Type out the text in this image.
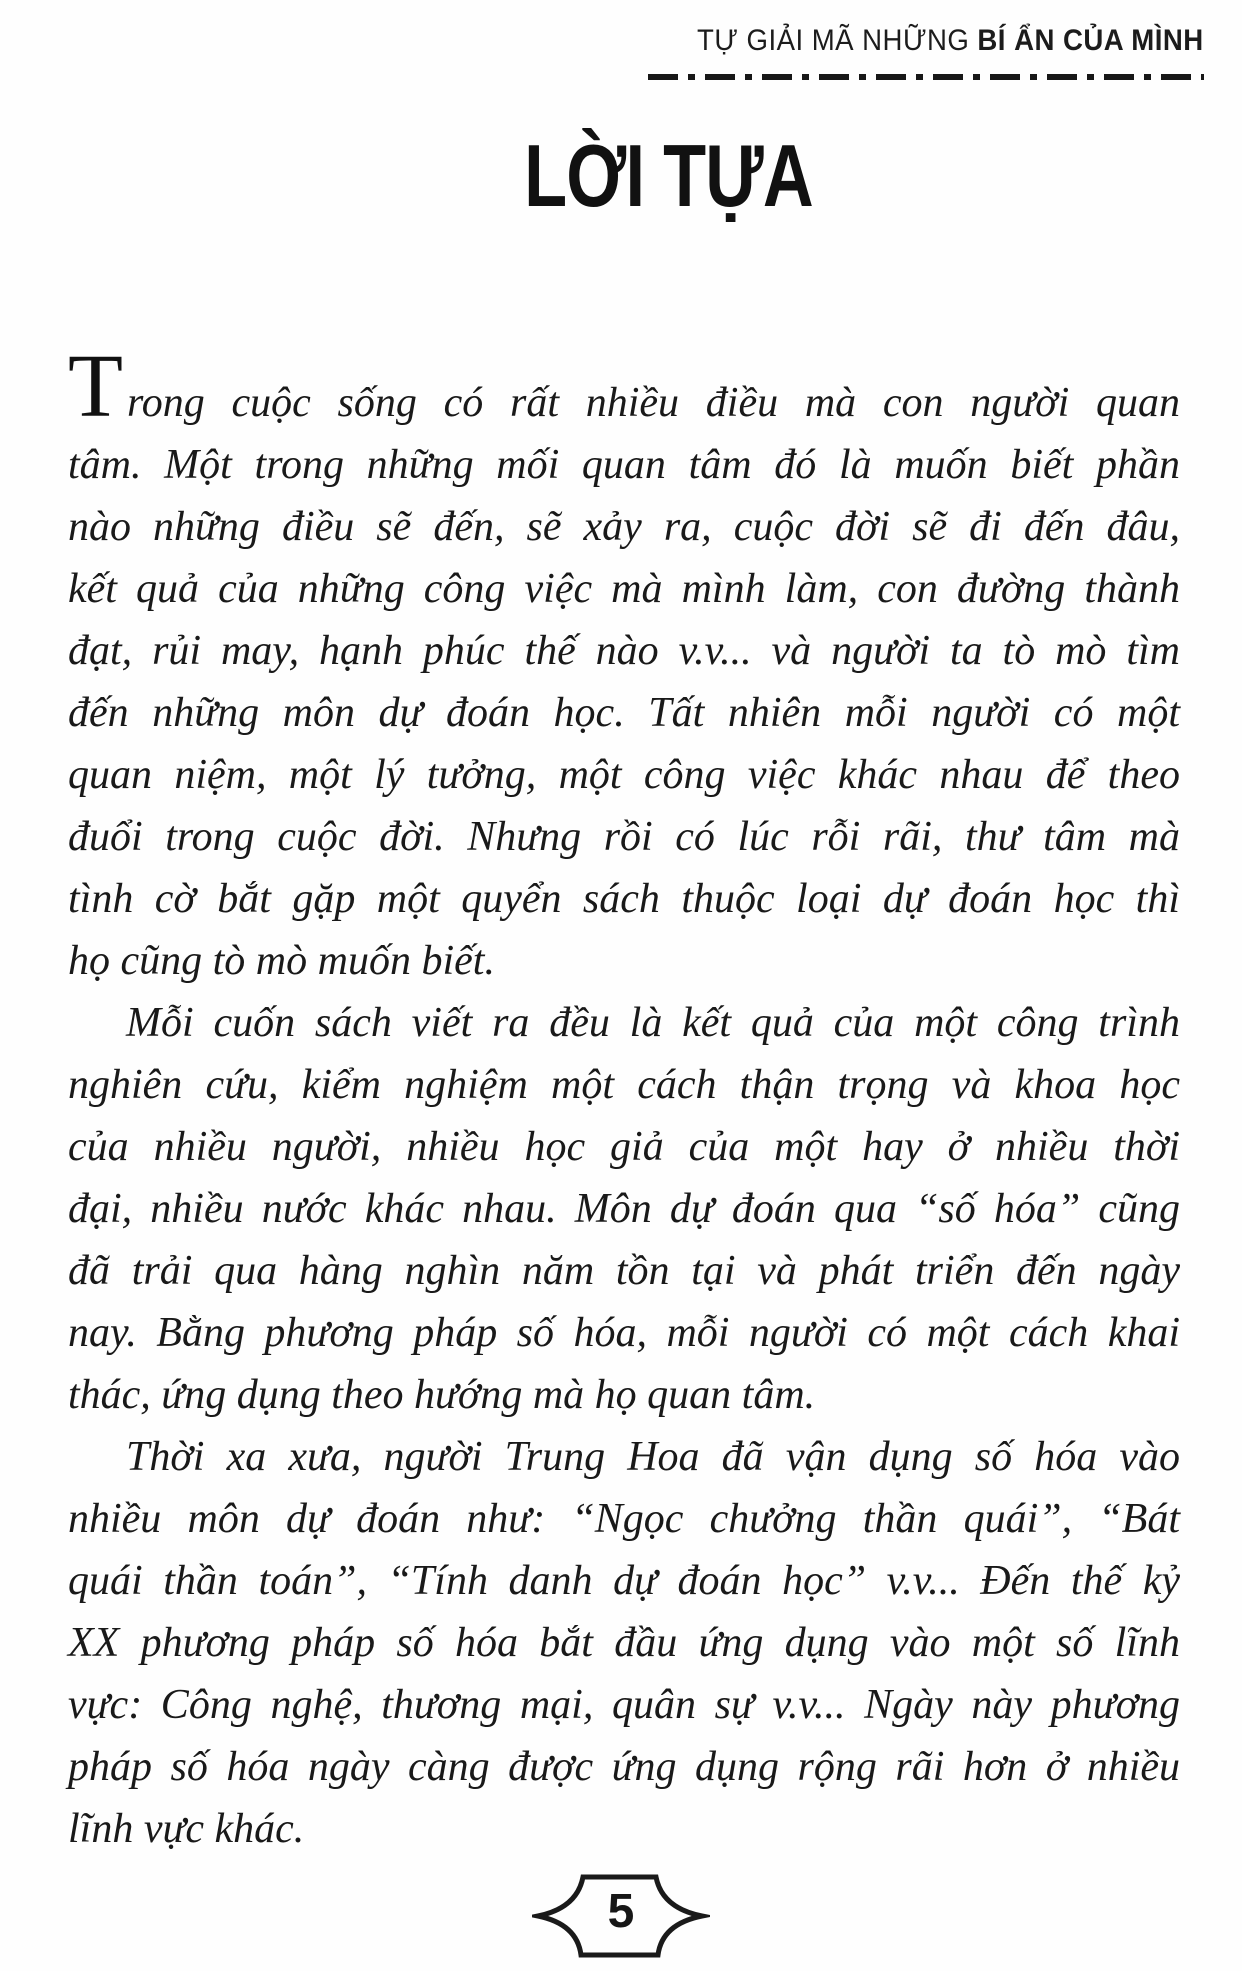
TỰ GIẢI MÃ NHỮNG BÍ ẨN CỦA MÌNH
LỜI TỰA
Trong cuộc sống có rất nhiều điều mà con người quan
tâm. Một trong những mối quan tâm đó là muốn biết phần
nào những điều sẽ đến, sẽ xảy ra, cuộc đời sẽ đi đến đâu,
kết quả của những công việc mà mình làm, con đường thành
đạt, rủi may, hạnh phúc thế nào v.v... và người ta tò mò tìm
đến những môn dự đoán học. Tất nhiên mỗi người có một
quan niệm, một lý tưởng, một công việc khác nhau để theo
đuổi trong cuộc đời. Nhưng rồi có lúc rỗi rãi, thư tâm mà
tình cờ bắt gặp một quyển sách thuộc loại dự đoán học thì
họ cũng tò mò muốn biết.
Mỗi cuốn sách viết ra đều là kết quả của một công trình
nghiên cứu, kiểm nghiệm một cách thận trọng và khoa học
của nhiều người, nhiều học giả của một hay ở nhiều thời
đại, nhiều nước khác nhau. Môn dự đoán qua “số hóa” cũng
đã trải qua hàng nghìn năm tồn tại và phát triển đến ngày
nay. Bằng phương pháp số hóa, mỗi người có một cách khai
thác, ứng dụng theo hướng mà họ quan tâm.
Thời xa xưa, người Trung Hoa đã vận dụng số hóa vào
nhiều môn dự đoán như: “Ngọc chưởng thần quái”, “Bát
quái thần toán”, “Tính danh dự đoán học” v.v... Đến thế kỷ
XX phương pháp số hóa bắt đầu ứng dụng vào một số lĩnh
vực: Công nghệ, thương mại, quân sự v.v... Ngày này phương
pháp số hóa ngày càng được ứng dụng rộng rãi hơn ở nhiều
lĩnh vực khác.
5
